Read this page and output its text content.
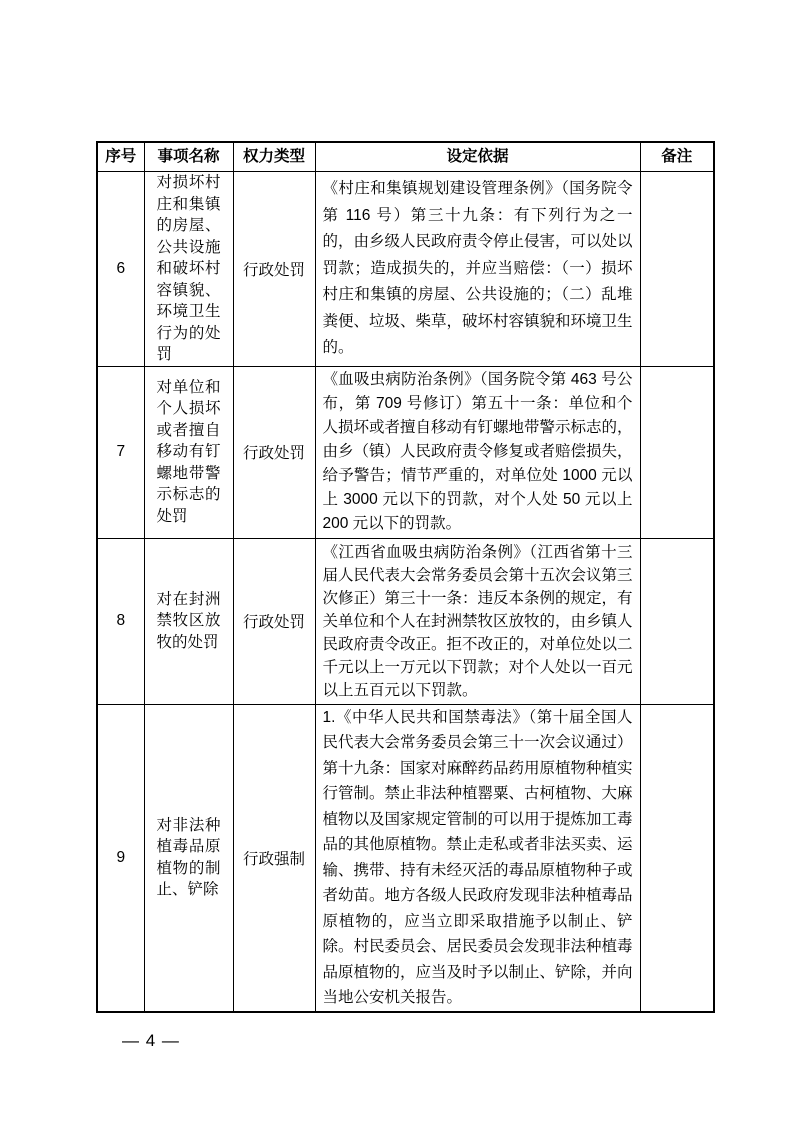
序号	事项名称	权力类型	设定依据	备注
6	对损坏村庄和集镇的房屋、公共设施和破坏村容镇貌、环境卫生行为的处罚	行政处罚	《村庄和集镇规划建设管理条例》（国务院令第 116 号）第三十九条：有下列行为之一的，由乡级人民政府责令停止侵害，可以处以罚款；造成损失的，并应当赔偿：（一）损坏村庄和集镇的房屋、公共设施的；（二）乱堆粪便、垃圾、柴草，破坏村容镇貌和环境卫生的。	
7	对单位和个人损坏或者擅自移动有钉螺地带警示标志的处罚	行政处罚	《血吸虫病防治条例》（国务院令第 463 号公布，第 709 号修订）第五十一条：单位和个人损坏或者擅自移动有钉螺地带警示标志的，由乡（镇）人民政府责令修复或者赔偿损失，给予警告；情节严重的，对单位处 1000 元以上 3000 元以下的罚款，对个人处 50 元以上 200 元以下的罚款。	
8	对在封洲禁牧区放牧的处罚	行政处罚	《江西省血吸虫病防治条例》（江西省第十三届人民代表大会常务委员会第十五次会议第三次修正）第三十一条：违反本条例的规定，有关单位和个人在封洲禁牧区放牧的，由乡镇人民政府责令改正。拒不改正的，对单位处以二千元以上一万元以下罚款；对个人处以一百元以上五百元以下罚款。	
9	对非法种植毒品原植物的制止、铲除	行政强制	1.《中华人民共和国禁毒法》（第十届全国人民代表大会常务委员会第三十一次会议通过）第十九条：国家对麻醉药品药用原植物种植实行管制。禁止非法种植罂粟、古柯植物、大麻植物以及国家规定管制的可以用于提炼加工毒品的其他原植物。禁止走私或者非法买卖、运输、携带、持有未经灭活的毒品原植物种子或者幼苗。地方各级人民政府发现非法种植毒品原植物的，应当立即采取措施予以制止、铲除。村民委员会、居民委员会发现非法种植毒品原植物的，应当及时予以制止、铲除，并向当地公安机关报告。	
— 4 —
